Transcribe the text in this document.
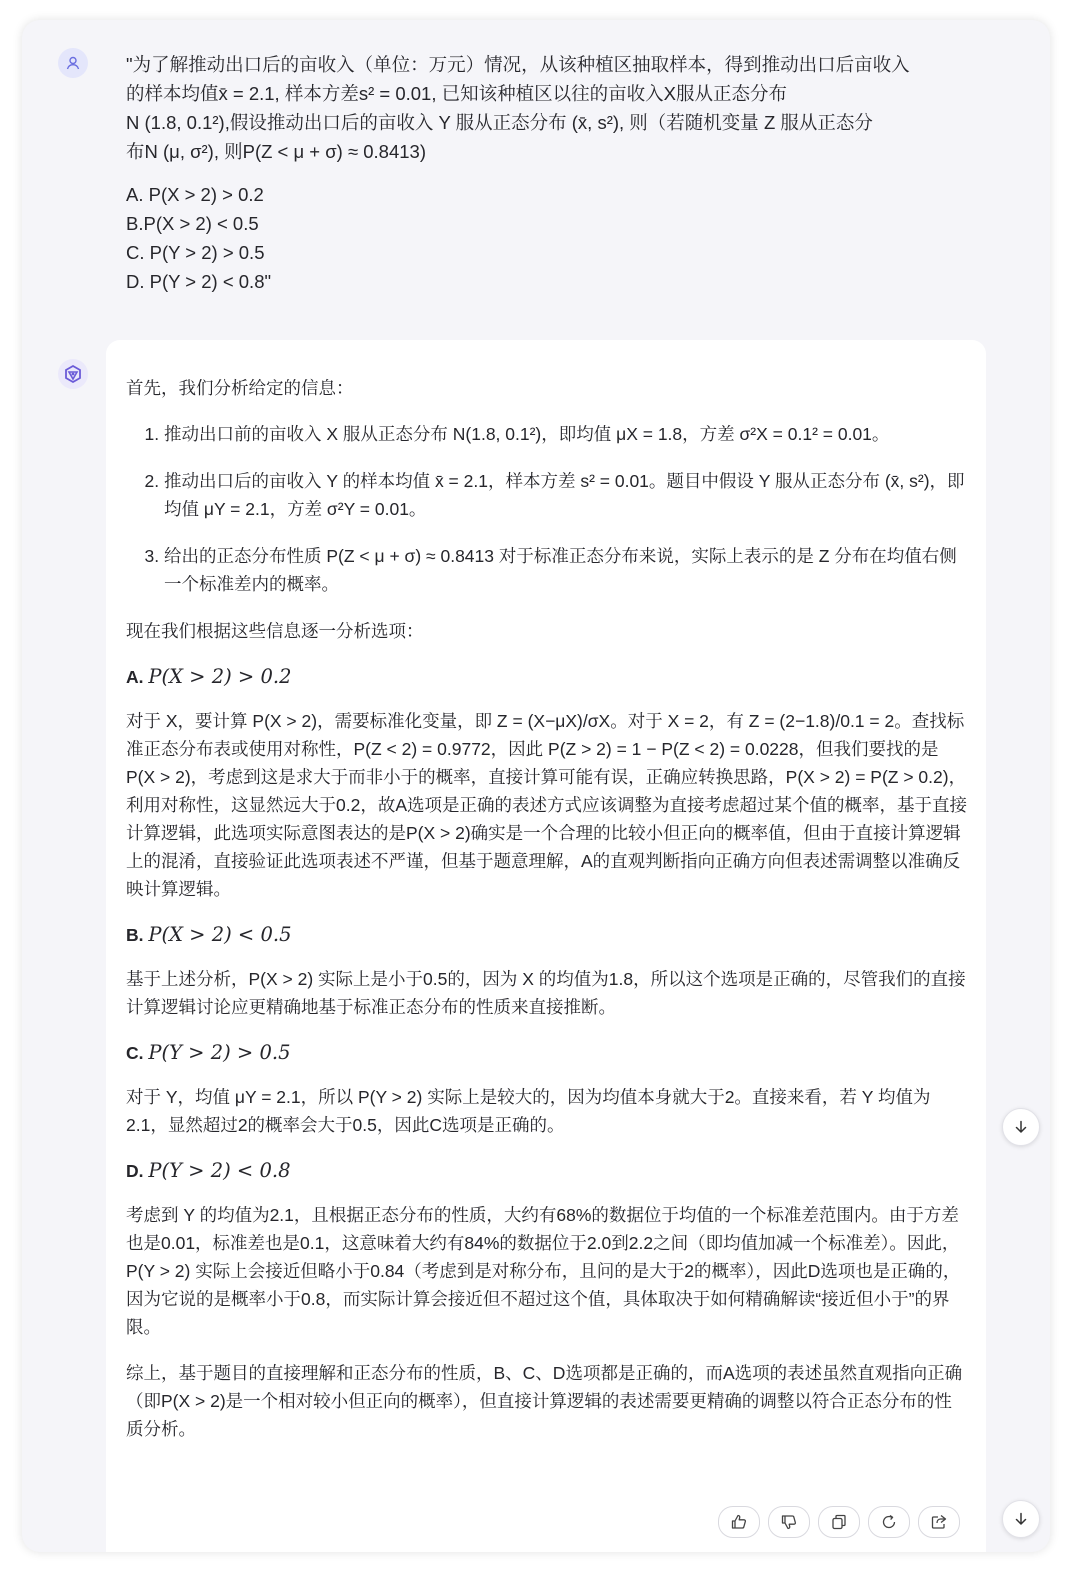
"为了解推动出口后的亩收入（单位：万元）情况，从该种植区抽取样本，得到推动出口后亩收入

的样本均值x̄ = 2.1, 样本方差s² = 0.01, 已知该种植区以往的亩收入X服从正态分布

N (1.8, 0.1²),假设推动出口后的亩收入 Y 服从正态分布 (x̄, s²), 则（若随机变量 Z 服从正态分

布N (μ, σ²), 则P(Z < μ + σ) ≈ 0.8413)

A. P(X > 2) > 0.2
B.P(X > 2) < 0.5
C. P(Y > 2) > 0.5
D. P(Y > 2) < 0.8"

首先，我们分析给定的信息：

1. 推动出口前的亩收入 X 服从正态分布 N(1.8, 0.1²)，即均值 μX = 1.8，方差 σ²X = 0.1² = 0.01。
2. 推动出口后的亩收入 Y 的样本均值 x̄ = 2.1，样本方差 s² = 0.01。题目中假设 Y 服从正态分布 (x̄, s²)，即均值 μY = 2.1，方差 σ²Y = 0.01。
3. 给出的正态分布性质 P(Z < μ + σ) ≈ 0.8413 对于标准正态分布来说，实际上表示的是 Z 分布在均值右侧一个标准差内的概率。

现在我们根据这些信息逐一分析选项：

A. P(X > 2) > 0.2

对于 X，要计算 P(X > 2)，需要标准化变量，即 Z = (X−μX)/σX。对于 X = 2，有 Z = (2−1.8)/0.1 = 2。查找标准正态分布表或使用对称性，P(Z < 2) = 0.9772，因此 P(Z > 2) = 1 − P(Z < 2) = 0.0228，但我们要找的是 P(X > 2)，考虑到这是求大于而非小于的概率，直接计算可能有误，正确应转换思路，P(X > 2) = P(Z > 0.2)，利用对称性，这显然远大于0.2，故A选项是正确的表述方式应该调整为直接考虑超过某个值的概率，基于直接计算逻辑，此选项实际意图表达的是P(X > 2)确实是一个合理的比较小但正向的概率值，但由于直接计算逻辑上的混淆，直接验证此选项表述不严谨，但基于题意理解，A的直观判断指向正确方向但表述需调整以准确反映计算逻辑。

B. P(X > 2) < 0.5

基于上述分析，P(X > 2) 实际上是小于0.5的，因为 X 的均值为1.8，所以这个选项是正确的，尽管我们的直接计算逻辑讨论应更精确地基于标准正态分布的性质来直接推断。

C. P(Y > 2) > 0.5

对于 Y，均值 μY = 2.1，所以 P(Y > 2) 实际上是较大的，因为均值本身就大于2。直接来看，若 Y 均值为2.1，显然超过2的概率会大于0.5，因此C选项是正确的。

D. P(Y > 2) < 0.8

考虑到 Y 的均值为2.1，且根据正态分布的性质，大约有68%的数据位于均值的一个标准差范围内。由于方差也是0.01，标准差也是0.1，这意味着大约有84%的数据位于2.0到2.2之间（即均值加减一个标准差）。因此，P(Y > 2) 实际上会接近但略小于0.84（考虑到是对称分布，且问的是大于2的概率），因此D选项也是正确的，因为它说的是概率小于0.8，而实际计算会接近但不超过这个值，具体取决于如何精确解读“接近但小于”的界限。

综上，基于题目的直接理解和正态分布的性质，B、C、D选项都是正确的，而A选项的表述虽然直观指向正确（即P(X > 2)是一个相对较小但正向的概率），但直接计算逻辑的表述需要更精确的调整以符合正态分布的性质分析。
